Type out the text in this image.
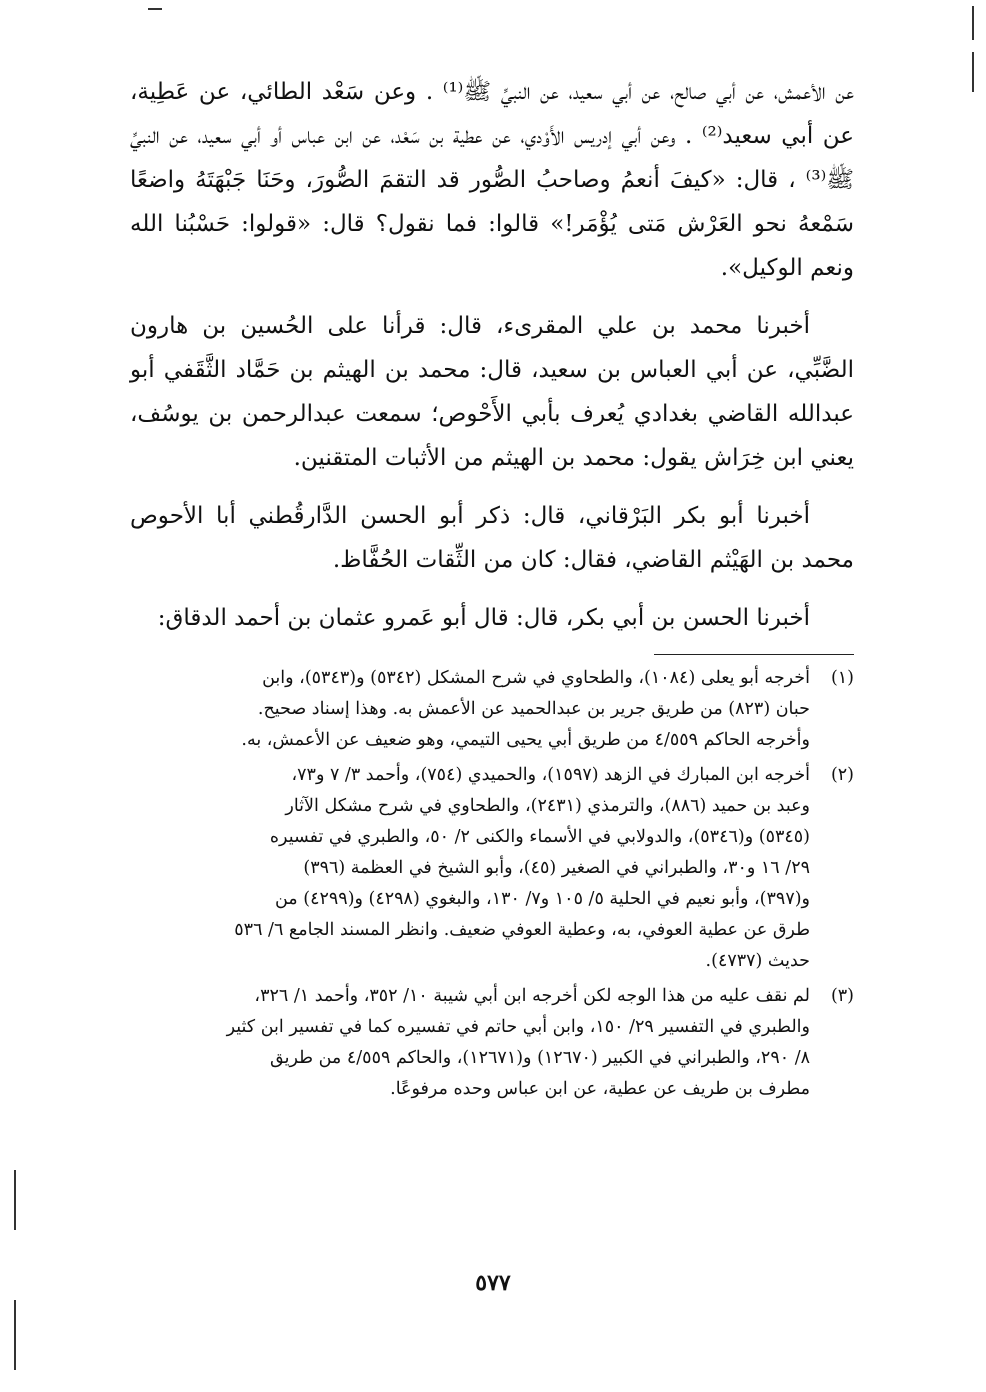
عن الأعمش، عن أبي صالح، عن أبي سعيد، عن النبيِّ ﷺ⁽¹⁾ . وعن سَعْد الطائي، عن عَطِية، عن أبي سعيد⁽²⁾ . وعن أبي إدريس الأَوْدي، عن عطية بن سَعْد، عن ابن عباس أو أبي سعيد، عن النبيِّ ﷺ⁽³⁾ ، قال: «كيفَ أنعمُ وصاحبُ الصُّور قد التقمَ الصُّورَ، وحَنَا جَبْهَتَهُ واضعًا سَمْعهُ نحو العَرْش مَتى يُؤْمَر!» قالوا: فما نقول؟ قال: «قولوا: حَسْبُنا الله ونعم الوكيل».

أخبرنا محمد بن علي المقرىء، قال: قرأنا على الحُسين بن هارون الضَّبِّي، عن أبي العباس بن سعيد، قال: محمد بن الهيثم بن حَمَّاد الثَّقَفي أبو عبدالله القاضي بغدادي يُعرف بأبي الأَحْوص؛ سمعت عبدالرحمن بن يوسُف، يعني ابن خِرَاش يقول: محمد بن الهيثم من الأثبات المتقنين.

أخبرنا أبو بكر البَرْقاني، قال: ذكر أبو الحسن الدَّارقُطني أبا الأحوص محمد بن الهَيْثم القاضي، فقال: كان من الثِّقات الحُفَّاظ.

أخبرنا الحسن بن أبي بكر، قال: قال أبو عَمرو عثمان بن أحمد الدقاق:

(١)
أخرجه أبو يعلى (١٠٨٤)، والطحاوي في شرح المشكل (٥٣٤٢) و(٥٣٤٣)، وابن
حبان (٨٢٣) من طريق جرير بن عبدالحميد عن الأعمش به. وهذا إسناد صحيح.
وأخرجه الحاكم ٤/٥٥٩ من طريق أبي يحيى التيمي، وهو ضعيف عن الأعمش، به.
(٢)
أخرجه ابن المبارك في الزهد (١٥٩٧)، والحميدي (٧٥٤)، وأحمد ٣/ ٧ و٧٣،
وعبد بن حميد (٨٨٦)، والترمذي (٢٤٣١)، والطحاوي في شرح مشكل الآثار
(٥٣٤٥) و(٥٣٤٦)، والدولابي في الأسماء والكنى ٢/ ٥٠، والطبري في تفسيره
٢٩/ ١٦ و٣٠، والطبراني في الصغير (٤٥)، وأبو الشيخ في العظمة (٣٩٦)
و(٣٩٧)، وأبو نعيم في الحلية ٥/ ١٠٥ و٧/ ١٣٠، والبغوي (٤٢٩٨) و(٤٢٩٩) من
طرق عن عطية العوفي، به، وعطية العوفي ضعيف. وانظر المسند الجامع ٦/ ٥٣٦
حديث (٤٧٣٧).
(٣)
لم نقف عليه من هذا الوجه لكن أخرجه ابن أبي شيبة ١٠/ ٣٥٢، وأحمد ١/ ٣٢٦،
والطبري في التفسير ٢٩/ ١٥٠، وابن أبي حاتم في تفسيره كما في تفسير ابن كثير
٨/ ٢٩٠، والطبراني في الكبير (١٢٦٧٠) و(١٢٦٧١)، والحاكم ٤/٥٥٩ من طريق
مطرف بن طريف عن عطية، عن ابن عباس وحده مرفوعًا.
٥٧٧
